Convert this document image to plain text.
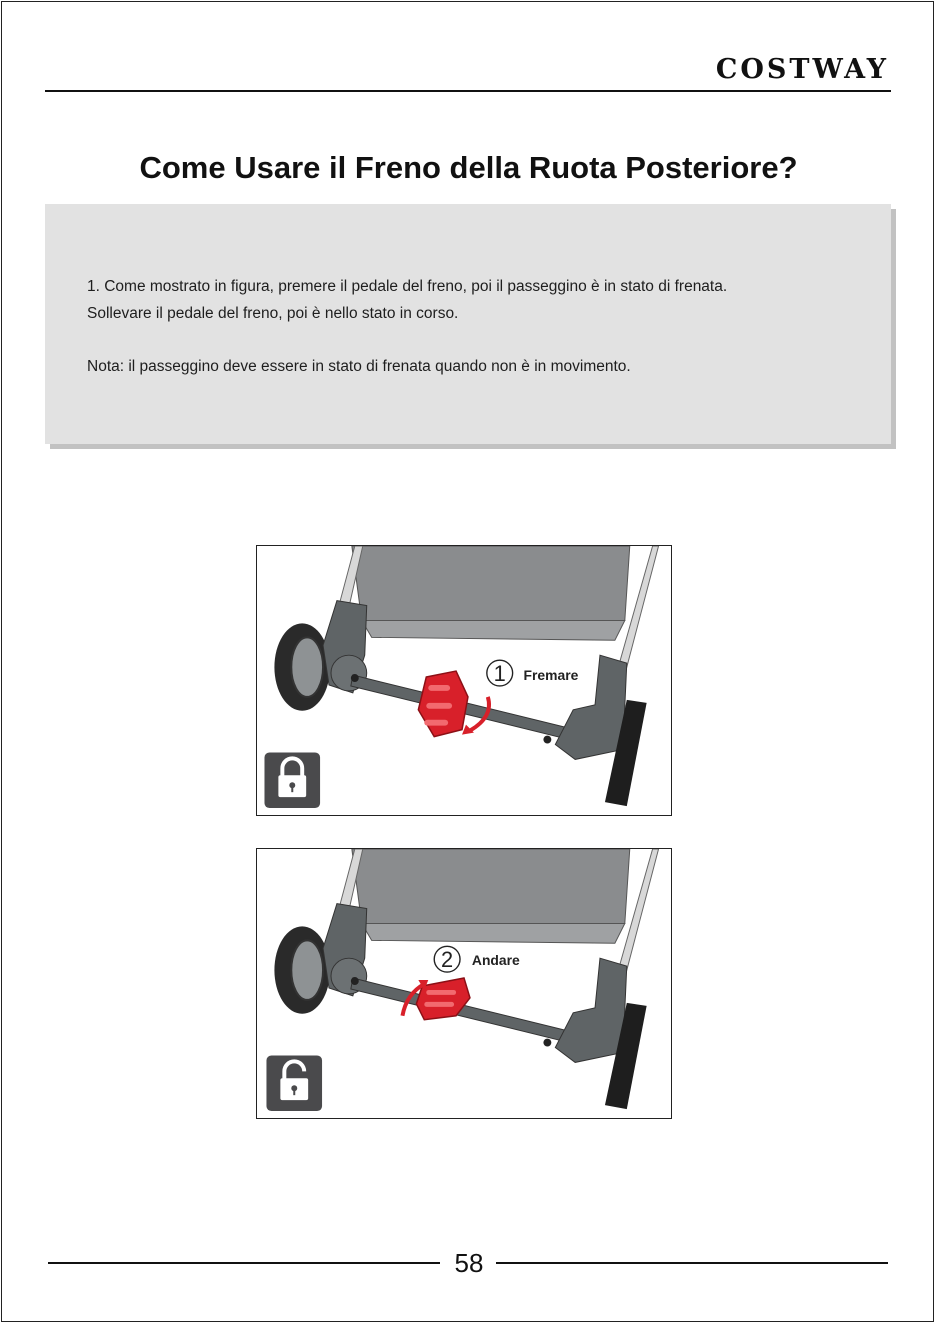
COSTWAY
Come Usare il Freno della Ruota Posteriore?

1. Come mostrato in figura, premere il pedale del freno, poi il passeggino è in stato di frenata.

Sollevare il pedale del freno, poi è nello stato in corso.

Nota: il passeggino deve essere in stato di frenata quando non è in movimento.

1 Fremare
2 Andare
58
